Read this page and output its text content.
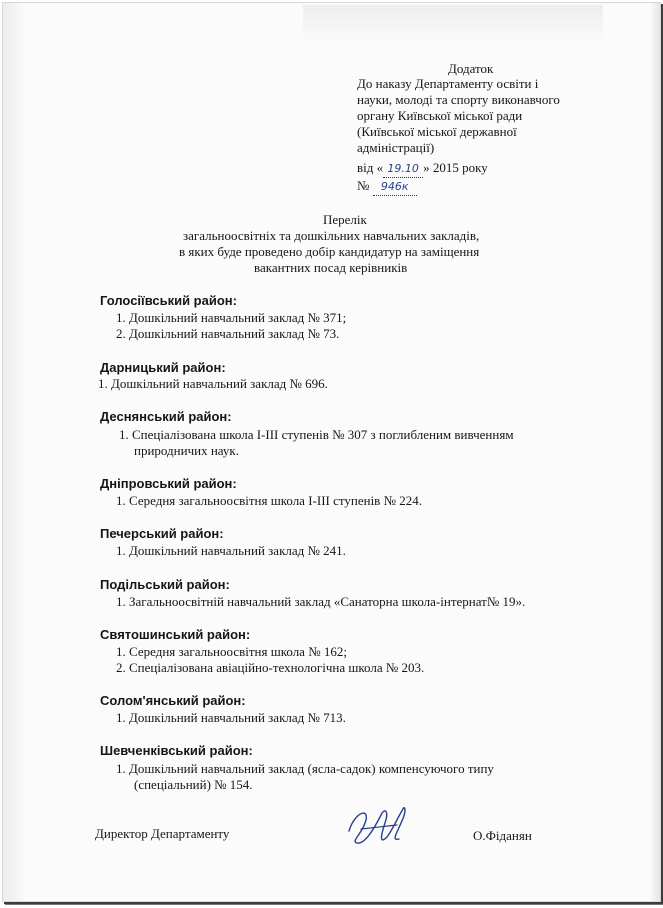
Додаток
До наказу Департаменту освіти і
науки, молоді та спорту виконавчого
органу Київської міської ради
(Київської міської державної
адміністрації)
від « 19.10 » 2015 року
№ 946к
Перелік
загальноосвітніх та дошкільних навчальних закладів,
в яких буде проведено добір кандидатур на заміщення
вакантних посад керівників
Голосіївський район:
1. Дошкільний навчальний заклад № 371;
2. Дошкільний навчальний заклад № 73.
Дарницький район:
1. Дошкільний навчальний заклад № 696.
Деснянський район:
1. Спеціалізована школа І-ІІІ ступенів № 307 з поглибленим вивченням
природничих наук.
Дніпровський район:
1. Середня загальноосвітня школа І-ІІІ ступенів № 224.
Печерський район:
1. Дошкільний навчальний заклад № 241.
Подільський район:
1. Загальноосвітній навчальний заклад «Санаторна школа-інтернат№ 19».
Святошинський район:
1. Середня загальноосвітня школа № 162;
2. Спеціалізована авіаційно-технологічна школа № 203.
Солом'янський район:
1. Дошкільний навчальний заклад № 713.
Шевченківський район:
1. Дошкільний навчальний заклад (ясла-садок) компенсуючого типу
(спеціальний) № 154.
Директор Департаменту	О.Фіданян
